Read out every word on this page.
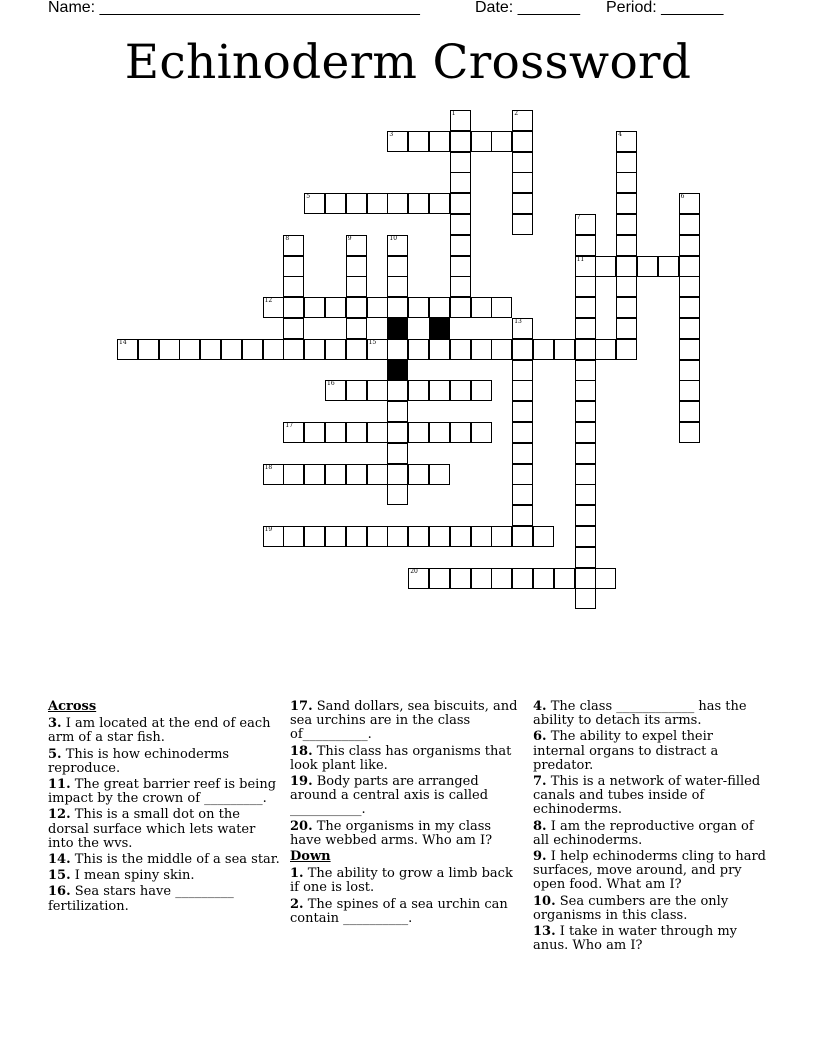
Name: ____________________________________	Date: _______ Period: _______
Echinoderm Crossword
1	2
3	4
5	6
7
11
8	9	10
12
13
14	15
16
17
18
19
20
Across
3. I am located at the end of each arm of a star fish.
5. This is how echinoderms reproduce.
11. The great barrier reef is being impact by the crown of _________.
12. This is a small dot on the dorsal surface which lets water into the wvs.
14. This is the middle of a sea star.
15. I mean spiny skin.
16. Sea stars have _________ fertilization.
17. Sand dollars, sea biscuits, and sea urchins are in the class of__________.
18. This class has organisms that look plant like.
19. Body parts are arranged around a central axis is called ___________.
20. The organisms in my class have webbed arms. Who am I?
Down
1. The ability to grow a limb back if one is lost.
2. The spines of a sea urchin can contain __________.
4. The class ____________ has the ability to detach its arms.
6. The ability to expel their internal organs to distract a predator.
7. This is a network of water-filled canals and tubes inside of echinoderms.
8. I am the reproductive organ of all echinoderms.
9. I help echinoderms cling to hard surfaces, move around, and pry open food. What am I?
10. Sea cumbers are the only organisms in this class.
13. I take in water through my anus. Who am I?
